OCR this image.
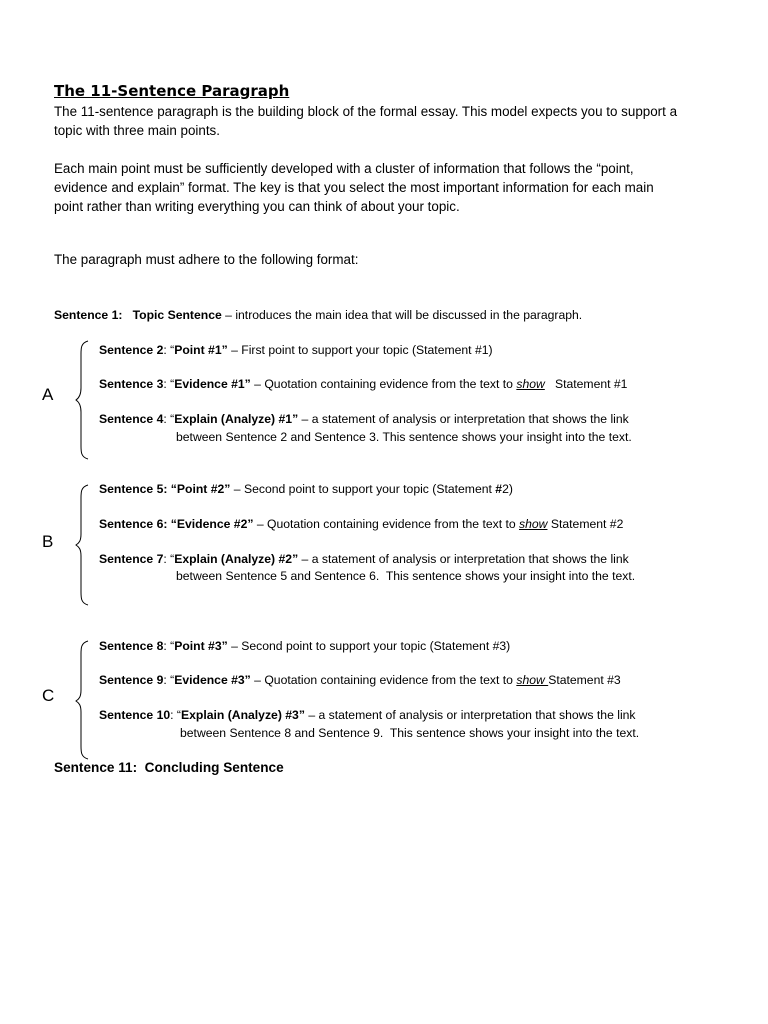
The 11-Sentence Paragraph
The 11-sentence paragraph is the building block of the formal essay. This model expects you to support a
topic with three main points.
Each main point must be sufficiently developed with a cluster of information that follows the “point,
evidence and explain” format. The key is that you select the most important information for each main
point rather than writing everything you can think of about your topic.
The paragraph must adhere to the following format:
Sentence 1: Topic Sentence – introduces the main idea that will be discussed in the paragraph.
A
Sentence 2: “Point #1” – First point to support your topic (Statement #1)
Sentence 3: “Evidence #1” – Quotation containing evidence from the text to show   Statement #1
Sentence 4: “Explain (Analyze) #1” – a statement of analysis or interpretation that shows the link
between Sentence 2 and Sentence 3. This sentence shows your insight into the text.
B
Sentence 5: “Point #2” – Second point to support your topic (Statement #2)
Sentence 6: “Evidence #2” – Quotation containing evidence from the text to show Statement #2
Sentence 7: “Explain (Analyze) #2” – a statement of analysis or interpretation that shows the link
between Sentence 5 and Sentence 6.  This sentence shows your insight into the text.
C
Sentence 8: “Point #3” – Second point to support your topic (Statement #3)
Sentence 9: “Evidence #3” – Quotation containing evidence from the text to show Statement #3
Sentence 10: “Explain (Analyze) #3” – a statement of analysis or interpretation that shows the link
between Sentence 8 and Sentence 9.  This sentence shows your insight into the text.
Sentence 11:  Concluding Sentence
